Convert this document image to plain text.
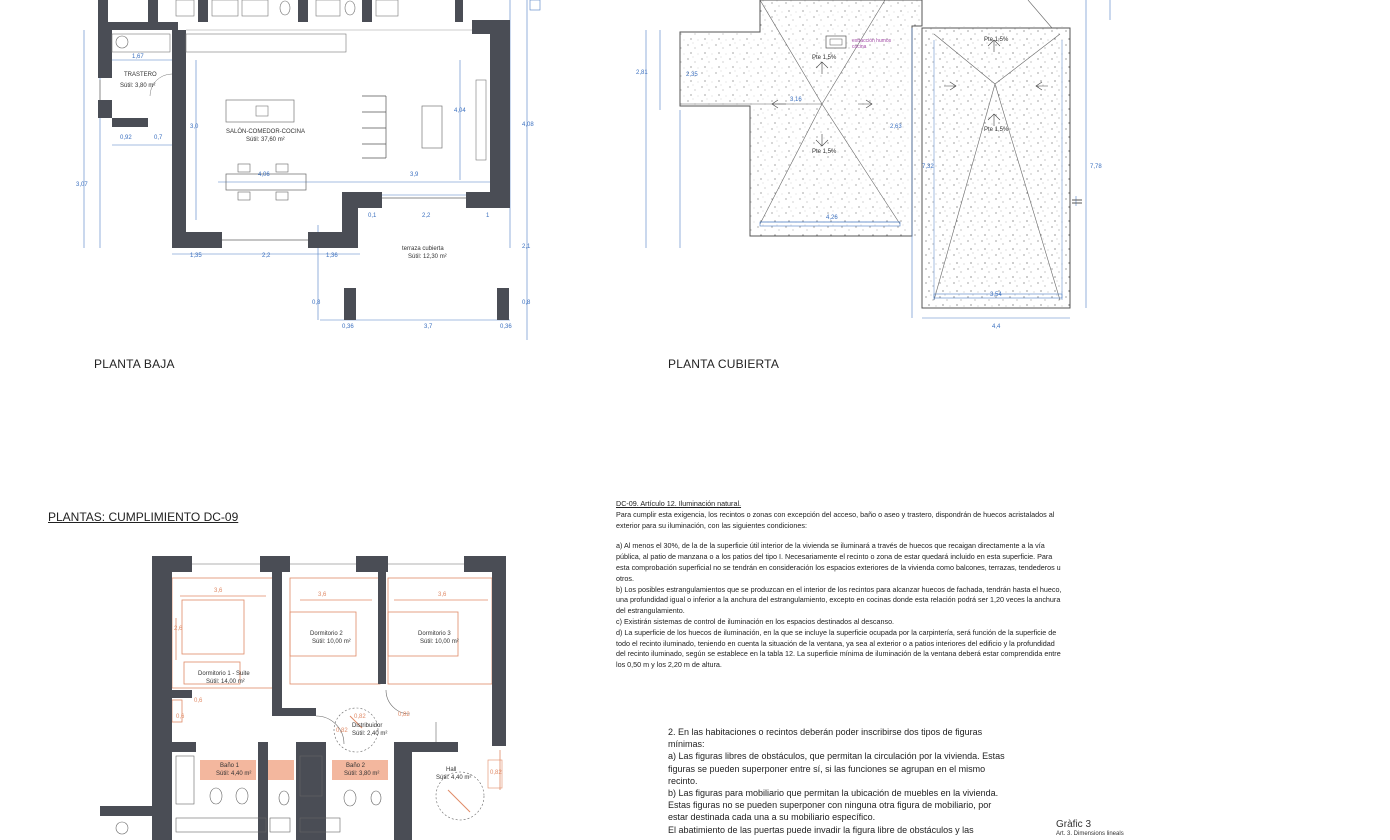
PLANTA BAJA
TRASTERO
Sútil: 3,80 m²
SALÓN-COMEDOR-COCINA
Sútil: 37,60 m²
terraza cubierta
Sútil: 12,30 m²
1,67
0,92	0,7
3,0
4,06	3,9
4,04
4,08
3,07
1,35	2,2	1,36
0,1	2,2	1
2,1
0,8	0,8
0,36	3,7	0,36
PLANTA CUBIERTA
extracción humos cocina
Pte 1,5%
Pte 1,5%
Pte 1,5%
Pte 1,5%
2,81	2,35
3,16
2,63
4,26
7,32
3,54
4,4
7,78
PLANTAS: CUMPLIMIENTO DC-09
Dormitorio 2
Sútil: 10,00 m²
Dormitorio 3
Sútil: 10,00 m²
Dormitorio 1 - Suite
Sútil: 14,00 m²
Distribuidor
Sútil: 2,40 m²
Baño 1
Sútil: 4,40 m²
Baño 2
Sútil: 3,80 m²
Hall
Sútil: 4,40 m²
3,6
3,6	3,6
2,6
0,6
0,6
0,82	0,82
0,82
0,82

DC-09. Artículo 12. Iluminación natural.

Para cumplir esta exigencia, los recintos o zonas con excepción del acceso, baño o aseo y trastero, dispondrán de huecos acristalados al exterior para su iluminación, con las siguientes condiciones:

a) Al menos el 30%, de la de la superficie útil interior de la vivienda se iluminará a través de huecos que recaigan directamente a la vía pública, al patio de manzana o a los patios del tipo I. Necesariamente el recinto o zona de estar quedará incluido en esta superficie. Para esta comprobación superficial no se tendrán en consideración los espacios exteriores de la vivienda como balcones, terrazas, tendederos u otros.

b) Los posibles estrangulamientos que se produzcan en el interior de los recintos para alcanzar huecos de fachada, tendrán hasta el hueco, una profundidad igual o inferior a la anchura del estrangulamiento, excepto en cocinas donde esta relación podrá ser 1,20 veces la anchura del estrangulamiento.

c) Existirán sistemas de control de iluminación en los espacios destinados al descanso.

d) La superficie de los huecos de iluminación, en la que se incluye la superficie ocupada por la carpintería, será función de la superficie de todo el recinto iluminado, teniendo en cuenta la situación de la ventana, ya sea al exterior o a patios interiores del edificio y la profundidad del recinto iluminado, según se establece en la tabla 12. La superficie mínima de iluminación de la ventana deberá estar comprendida entre los 0,50 m y los 2,20 m de altura.

2. En las habitaciones o recintos deberán poder inscribirse dos tipos de figuras mínimas:

a) Las figuras libres de obstáculos, que permitan la circulación por la vivienda. Estas figuras se pueden superponer entre sí, si las funciones se agrupan en el mismo recinto.

b) Las figuras para mobiliario que permitan la ubicación de muebles en la vivienda. Estas figuras no se pueden superponer con ninguna otra figura de mobiliario, por estar destinada cada una a su mobiliario específico.

El abatimiento de las puertas puede invadir la figura libre de obstáculos y las	Gràfic 3
Art. 3. Dimensions lineals
